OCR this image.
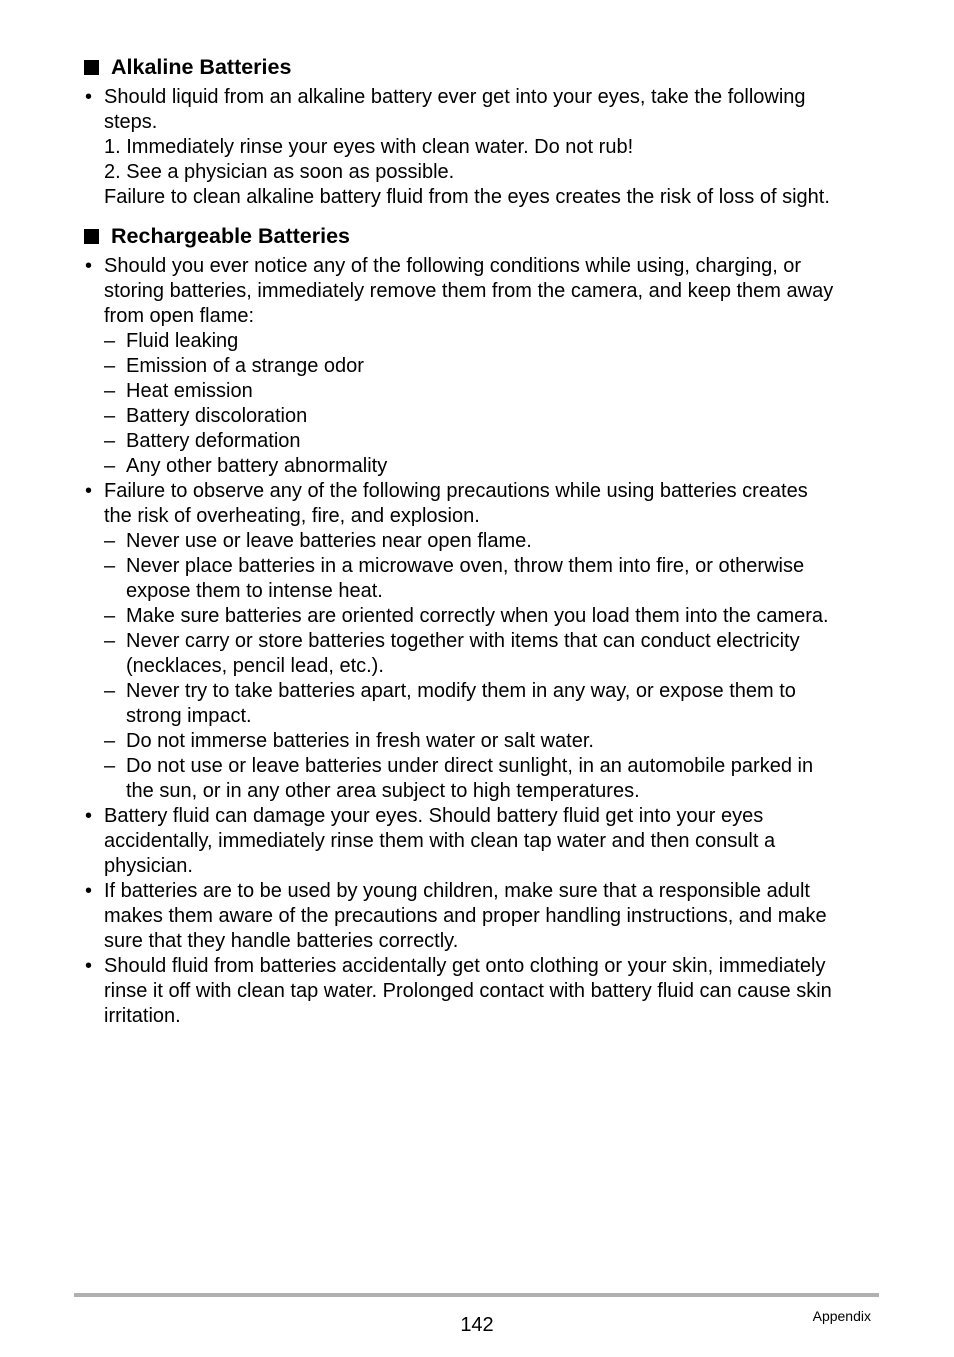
Alkaline Batteries
• Should liquid from an alkaline battery ever get into your eyes, take the following
steps.
1. Immediately rinse your eyes with clean water. Do not rub!
2. See a physician as soon as possible.
Failure to clean alkaline battery fluid from the eyes creates the risk of loss of sight.
Rechargeable Batteries
• Should you ever notice any of the following conditions while using, charging, or
storing batteries, immediately remove them from the camera, and keep them away
from open flame:
– Fluid leaking
– Emission of a strange odor
– Heat emission
– Battery discoloration
– Battery deformation
– Any other battery abnormality
• Failure to observe any of the following precautions while using batteries creates
the risk of overheating, fire, and explosion.
– Never use or leave batteries near open flame.
– Never place batteries in a microwave oven, throw them into fire, or otherwise
expose them to intense heat.
– Make sure batteries are oriented correctly when you load them into the camera.
– Never carry or store batteries together with items that can conduct electricity
(necklaces, pencil lead, etc.).
– Never try to take batteries apart, modify them in any way, or expose them to
strong impact.
– Do not immerse batteries in fresh water or salt water.
– Do not use or leave batteries under direct sunlight, in an automobile parked in
the sun, or in any other area subject to high temperatures.
• Battery fluid can damage your eyes. Should battery fluid get into your eyes
accidentally, immediately rinse them with clean tap water and then consult a
physician.
• If batteries are to be used by young children, make sure that a responsible adult
makes them aware of the precautions and proper handling instructions, and make
sure that they handle batteries correctly.
• Should fluid from batteries accidentally get onto clothing or your skin, immediately
rinse it off with clean tap water. Prolonged contact with battery fluid can cause skin
irritation.
142	Appendix
